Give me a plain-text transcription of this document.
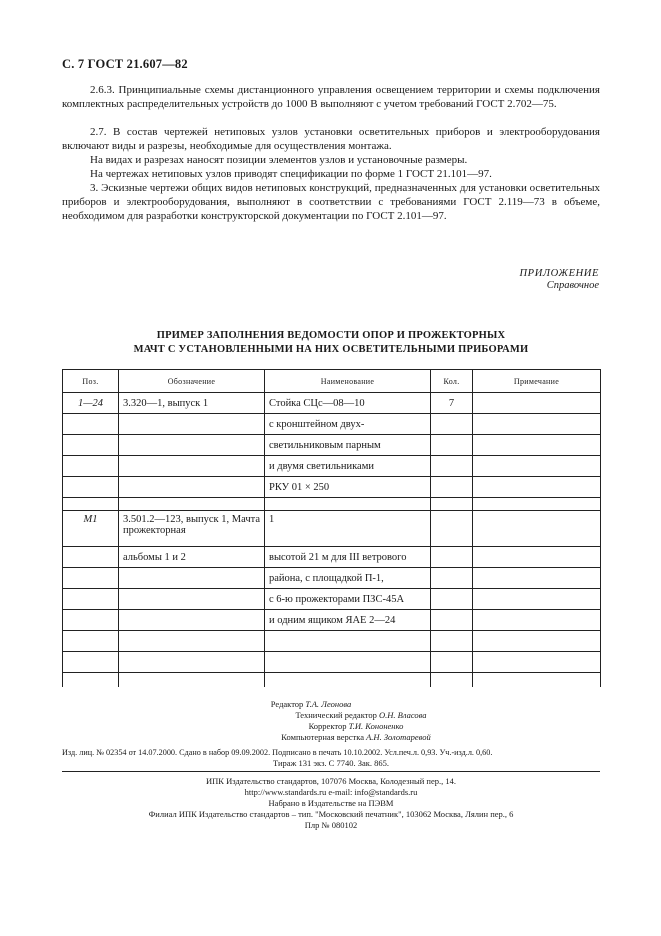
С. 7 ГОСТ 21.607—82
2.6.3. Принципиальные схемы дистанционного управления освещением территории и схемы подключения комплектных распределительных устройств до 1000 В выполняют с учетом требований ГОСТ 2.702—75.
2.7. В состав чертежей нетиповых узлов установки осветительных приборов и электрооборудования включают виды и разрезы, необходимые для осуществления монтажа.
На видах и разрезах наносят позиции элементов узлов и установочные размеры.
На чертежах нетиповых узлов приводят спецификации по форме 1 ГОСТ 21.101—97.
3. Эскизные чертежи общих видов нетиповых конструкций, предназначенных для установки осветительных приборов и электрооборудования, выполняют в соответствии с требованиями ГОСТ 2.119—73 в объеме, необходимом для разработки конструкторской документации по ГОСТ 2.101—97.
ПРИЛОЖЕНИЕ
Справочное
ПРИМЕР ЗАПОЛНЕНИЯ ВЕДОМОСТИ ОПОР И ПРОЖЕКТОРНЫХ
МАЧТ С УСТАНОВЛЕННЫМИ НА НИХ ОСВЕТИТЕЛЬНЫМИ ПРИБОРАМИ
Поз.	Обозначение	Наименование	Кол.	Примечание
1—24	3.320—1, выпуск 1	Стойка СЦс—08—10	7	
		с кронштейном двух-		
		светильниковым парным		
		и двумя светильниками		
		РКУ 01 × 250		

М1	3.501.2—123, выпуск 1, Мачта прожекторная	1		
	альбомы 1 и 2	высотой 21 м для III ветрового		
		района, с площадкой П-1,		
		с 6-ю прожекторами ПЗС-45А		
		и одним ящиком ЯАЕ 2—24		

Редактор Т.А. Леонова
Технический редактор О.Н. Власова
Корректор Т.И. Кононенко
Компьютерная верстка А.Н. Золотаревой
Изд. лиц. № 02354 от 14.07.2000. Сдано в набор 09.09.2002. Подписано в печать 10.10.2002. Усл.печ.л. 0,93. Уч.-изд.л. 0,60.
Тираж 131 экз. С 7740. Зак. 865.
ИПК Издательство стандартов, 107076 Москва, Колодезный пер., 14.
http://www.standards.ru e-mail: info@standards.ru
Набрано в Издательстве на ПЭВМ
Филиал ИПК Издательство стандартов – тип. "Московский печатник", 103062 Москва, Лялин пер., 6
Плр № 080102
